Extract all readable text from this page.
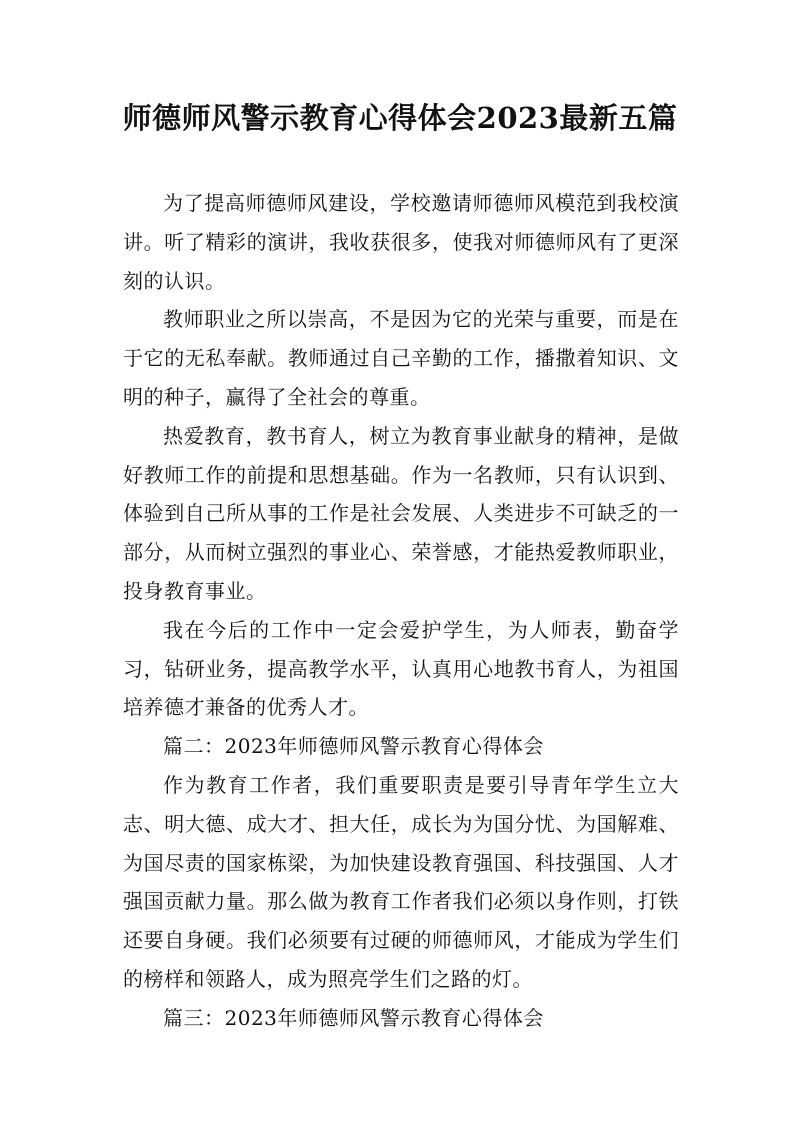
师德师风警示教育心得体会2023最新五篇

为了提高师德师风建设，学校邀请师德师风模范到我校演讲。听了精彩的演讲，我收获很多，使我对师德师风有了更深刻的认识。

教师职业之所以崇高，不是因为它的光荣与重要，而是在于它的无私奉献。教师通过自己辛勤的工作，播撒着知识、文明的种子，赢得了全社会的尊重。

热爱教育，教书育人，树立为教育事业献身的精神，是做好教师工作的前提和思想基础。作为一名教师，只有认识到、体验到自己所从事的工作是社会发展、人类进步不可缺乏的一部分，从而树立强烈的事业心、荣誉感，才能热爱教师职业，投身教育事业。

我在今后的工作中一定会爱护学生，为人师表，勤奋学习，钻研业务，提高教学水平，认真用心地教书育人，为祖国培养德才兼备的优秀人才。

篇二：2023年师德师风警示教育心得体会

作为教育工作者，我们重要职责是要引导青年学生立大志、明大德、成大才、担大任，成长为为国分忧、为国解难、为国尽责的国家栋梁，为加快建设教育强国、科技强国、人才强国贡献力量。那么做为教育工作者我们必须以身作则，打铁还要自身硬。我们必须要有过硬的师德师风，才能成为学生们的榜样和领路人，成为照亮学生们之路的灯。

篇三：2023年师德师风警示教育心得体会
